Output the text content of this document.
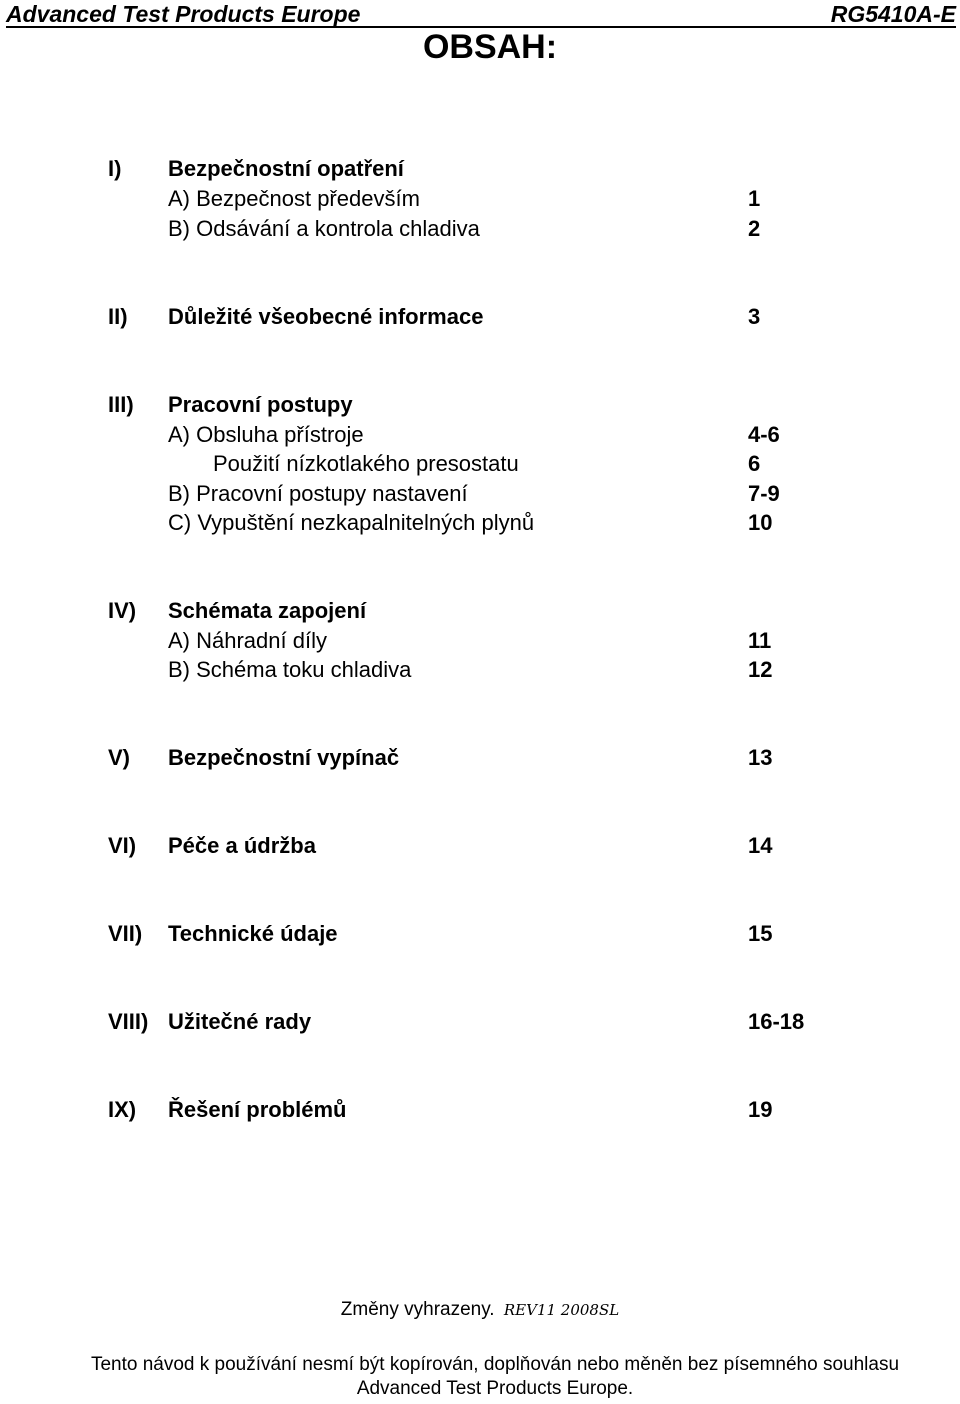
Advanced Test Products Europe	RG5410A-E
OBSAH:
I) Bezpečnostní opatření
A) Bezpečnost především	1
B) Odsávání a kontrola chladiva	2
II) Důležité všeobecné informace	3
III) Pracovní postupy
A) Obsluha přístroje	4-6
Použití nízkotlakého presostatu	6
B) Pracovní postupy nastavení	7-9
C) Vypuštění nezkapalnitelných plynů	10
IV) Schémata zapojení
A) Náhradní díly	11
B) Schéma toku chladiva	12
V) Bezpečnostní vypínač	13
VI) Péče a údržba	14
VII) Technické údaje	15
VIII) Užitečné rady	16-18
IX) Řešení problémů	19
Změny vyhrazeny. REV11 2008SL
Tento návod k používání nesmí být kopírován, doplňován nebo měněn bez písemného souhlasu
Advanced Test Products Europe.
